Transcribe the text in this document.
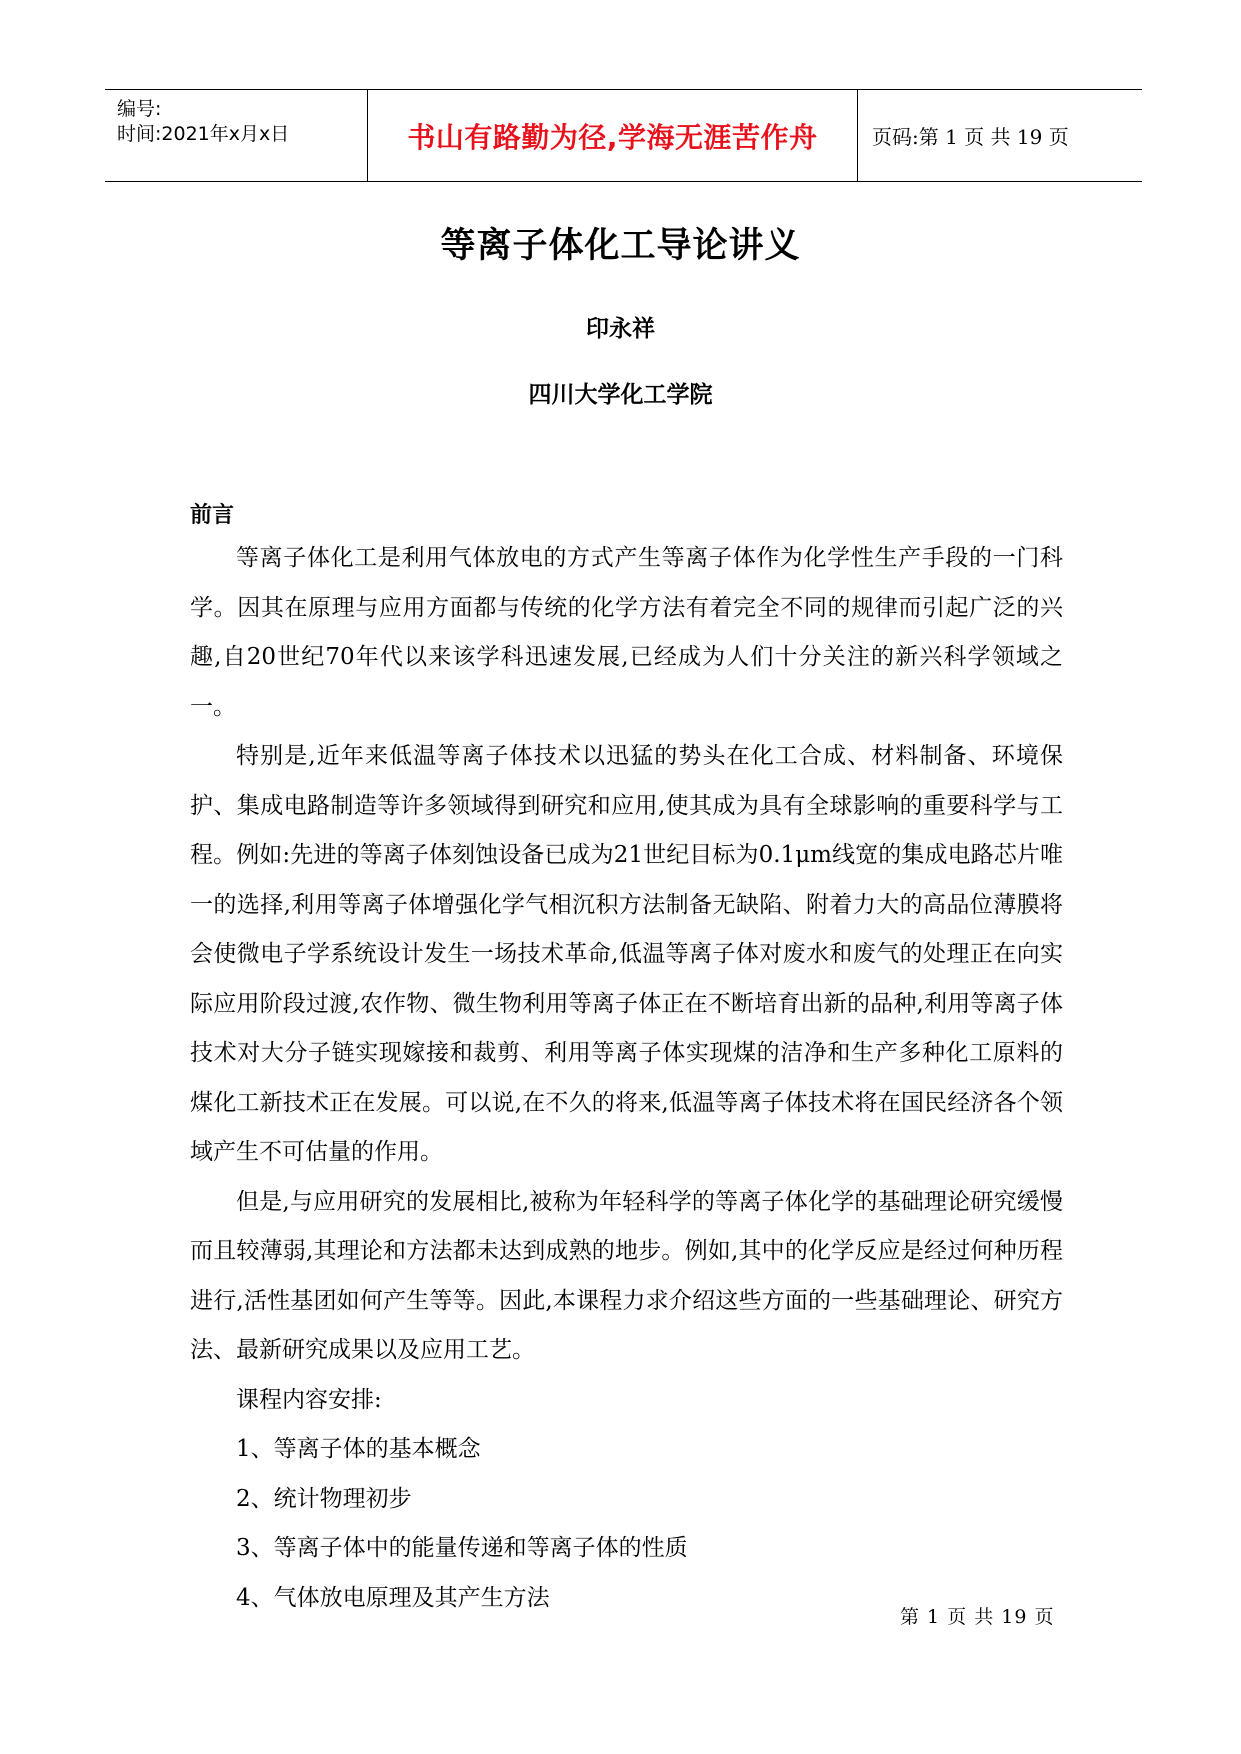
编号:
时间:2021年x月x日	书山有路勤为径,学海无涯苦作舟	页码:第 1 页 共 19 页
等离子体化工导论讲义
印永祥
四川大学化工学院
前言

等离子体化工是利用气体放电的方式产生等离子体作为化学性生产手段的一门科学。因其在原理与应用方面都与传统的化学方法有着完全不同的规律而引起广泛的兴趣,自20世纪70年代以来该学科迅速发展,已经成为人们十分关注的新兴科学领域之一。

特别是,近年来低温等离子体技术以迅猛的势头在化工合成、材料制备、环境保护、集成电路制造等许多领域得到研究和应用,使其成为具有全球影响的重要科学与工程。例如:先进的等离子体刻蚀设备已成为21世纪目标为0.1μm线宽的集成电路芯片唯一的选择,利用等离子体增强化学气相沉积方法制备无缺陷、附着力大的高品位薄膜将会使微电子学系统设计发生一场技术革命,低温等离子体对废水和废气的处理正在向实际应用阶段过渡,农作物、微生物利用等离子体正在不断培育出新的品种,利用等离子体技术对大分子链实现嫁接和裁剪、利用等离子体实现煤的洁净和生产多种化工原料的煤化工新技术正在发展。可以说,在不久的将来,低温等离子体技术将在国民经济各个领域产生不可估量的作用。

但是,与应用研究的发展相比,被称为年轻科学的等离子体化学的基础理论研究缓慢而且较薄弱,其理论和方法都未达到成熟的地步。例如,其中的化学反应是经过何种历程进行,活性基团如何产生等等。因此,本课程力求介绍这些方面的一些基础理论、研究方法、最新研究成果以及应用工艺。

课程内容安排:

1、等离子体的基本概念

2、统计物理初步

3、等离子体中的能量传递和等离子体的性质

4、气体放电原理及其产生方法

第 1 页 共 19 页
